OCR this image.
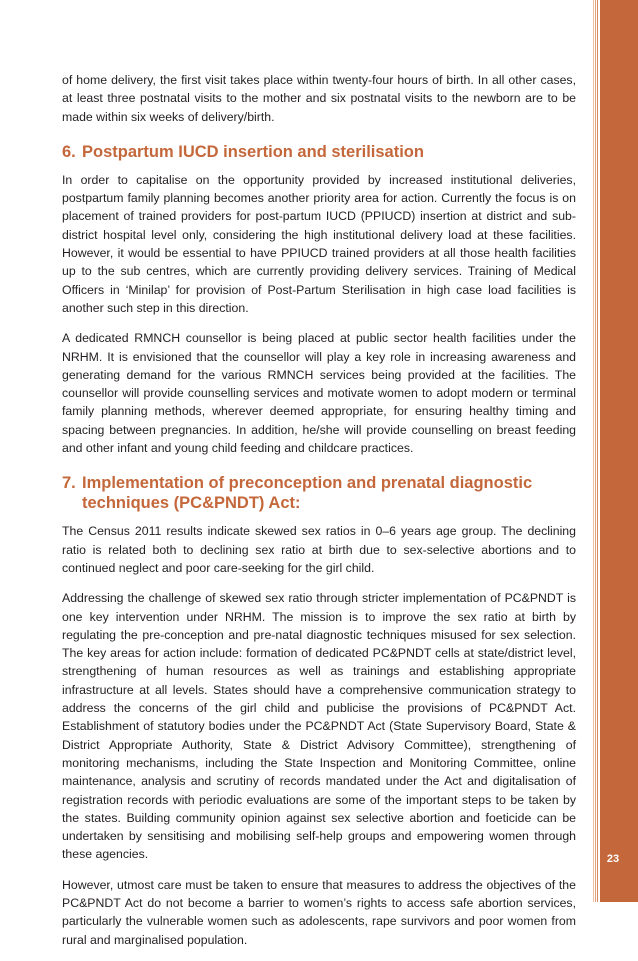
of home delivery, the first visit takes place within twenty-four hours of birth. In all other cases, at least three postnatal visits to the mother and six postnatal visits to the newborn are to be made within six weeks of delivery/birth.

6. Postpartum IUCD insertion and sterilisation

In order to capitalise on the opportunity provided by increased institutional deliveries, postpartum family planning becomes another priority area for action. Currently the focus is on placement of trained providers for post-partum IUCD (PPIUCD) insertion at district and sub-district hospital level only, considering the high institutional delivery load at these facilities. However, it would be essential to have PPIUCD trained providers at all those health facilities up to the sub centres, which are currently providing delivery services. Training of Medical Officers in ‘Minilap’ for provision of Post-Partum Sterilisation in high case load facilities is another such step in this direction.

A dedicated RMNCH counsellor is being placed at public sector health facilities under the NRHM. It is envisioned that the counsellor will play a key role in increasing awareness and generating demand for the various RMNCH services being provided at the facilities. The counsellor will provide counselling services and motivate women to adopt modern or terminal family planning methods, wherever deemed appropriate, for ensuring healthy timing and spacing between pregnancies. In addition, he/she will provide counselling on breast feeding and other infant and young child feeding and childcare practices.

7. Implementation of preconception and prenatal diagnostic techniques (PC&PNDT) Act:

The Census 2011 results indicate skewed sex ratios in 0–6 years age group. The declining ratio is related both to declining sex ratio at birth due to sex-selective abortions and to continued neglect and poor care-seeking for the girl child.

Addressing the challenge of skewed sex ratio through stricter implementation of PC&PNDT is one key intervention under NRHM. The mission is to improve the sex ratio at birth by regulating the pre-conception and pre-natal diagnostic techniques misused for sex selection. The key areas for action include: formation of dedicated PC&PNDT cells at state/district level, strengthening of human resources as well as trainings and establishing appropriate infrastructure at all levels. States should have a comprehensive communication strategy to address the concerns of the girl child and publicise the provisions of PC&PNDT Act. Establishment of statutory bodies under the PC&PNDT Act (State Supervisory Board, State & District Appropriate Authority, State & District Advisory Committee), strengthening of monitoring mechanisms, including the State Inspection and Monitoring Committee, online maintenance, analysis and scrutiny of records mandated under the Act and digitalisation of registration records with periodic evaluations are some of the important steps to be taken by the states. Building community opinion against sex selective abortion and foeticide can be undertaken by sensitising and mobilising self-help groups and empowering women through these agencies.

However, utmost care must be taken to ensure that measures to address the objectives of the PC&PNDT Act do not become a barrier to women’s rights to access safe abortion services, particularly the vulnerable women such as adolescents, rape survivors and poor women from rural and marginalised population.

23
